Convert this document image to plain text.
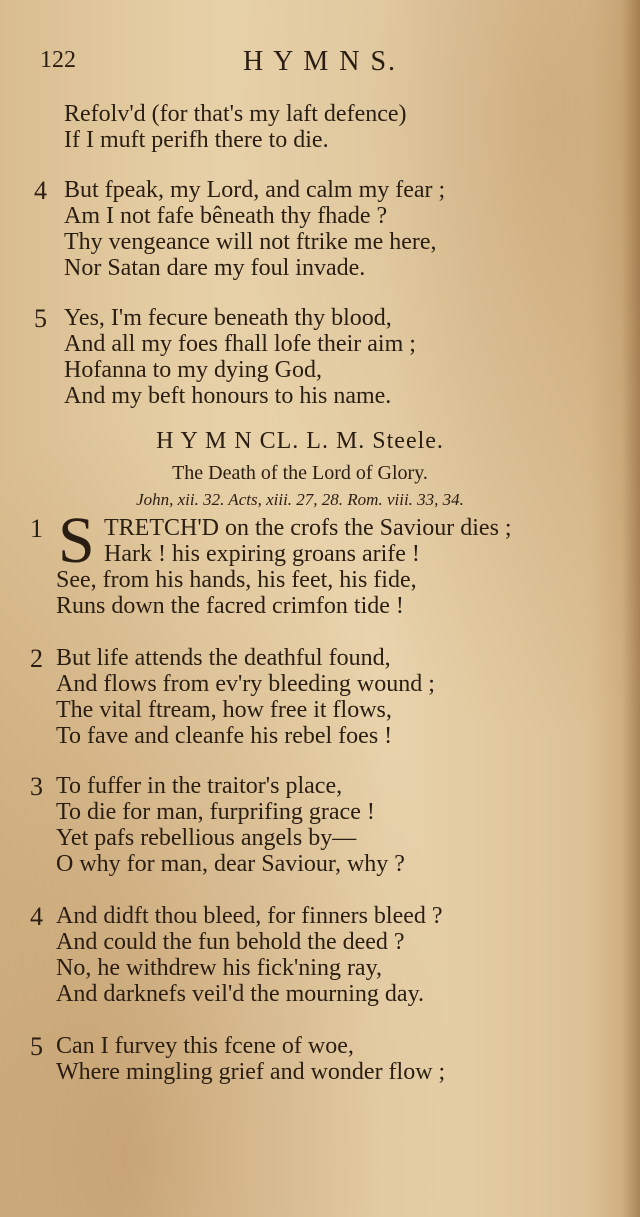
122	H Y M N S.
Refolv'd (for that's my laft defence)
If I muft perifh there to die.
4 But fpeak, my Lord, and calm my fear ;
Am I not fafe bêneath thy fhade ?
Thy vengeance will not ftrike me here,
Nor Satan dare my foul invade.
5 Yes, I'm fecure beneath thy blood,
And all my foes fhall lofe their aim ;
Hofanna to my dying God,
And my beft honours to his name.
H Y M N CL. L. M. Steele.
The Death of the Lord of Glory.
John, xii. 32. Acts, xiii. 27, 28. Rom. viii. 33, 34.
1 S TRETCH'D on the crofs the Saviour dies ;
Hark ! his expiring groans arife !
See, from his hands, his feet, his fide,
Runs down the facred crimfon tide !
2 But life attends the deathful found,
And flows from ev'ry bleeding wound ;
The vital ftream, how free it flows,
To fave and cleanfe his rebel foes !
3 To fuffer in the traitor's place,
To die for man, furprifing grace !
Yet pafs rebellious angels by—
O why for man, dear Saviour, why ?
4 And didft thou bleed, for finners bleed ?
And could the fun behold the deed ?
No, he withdrew his fick'ning ray,
And darknefs veil'd the mourning day.
5 Can I furvey this fcene of woe,
Where mingling grief and wonder flow ;
